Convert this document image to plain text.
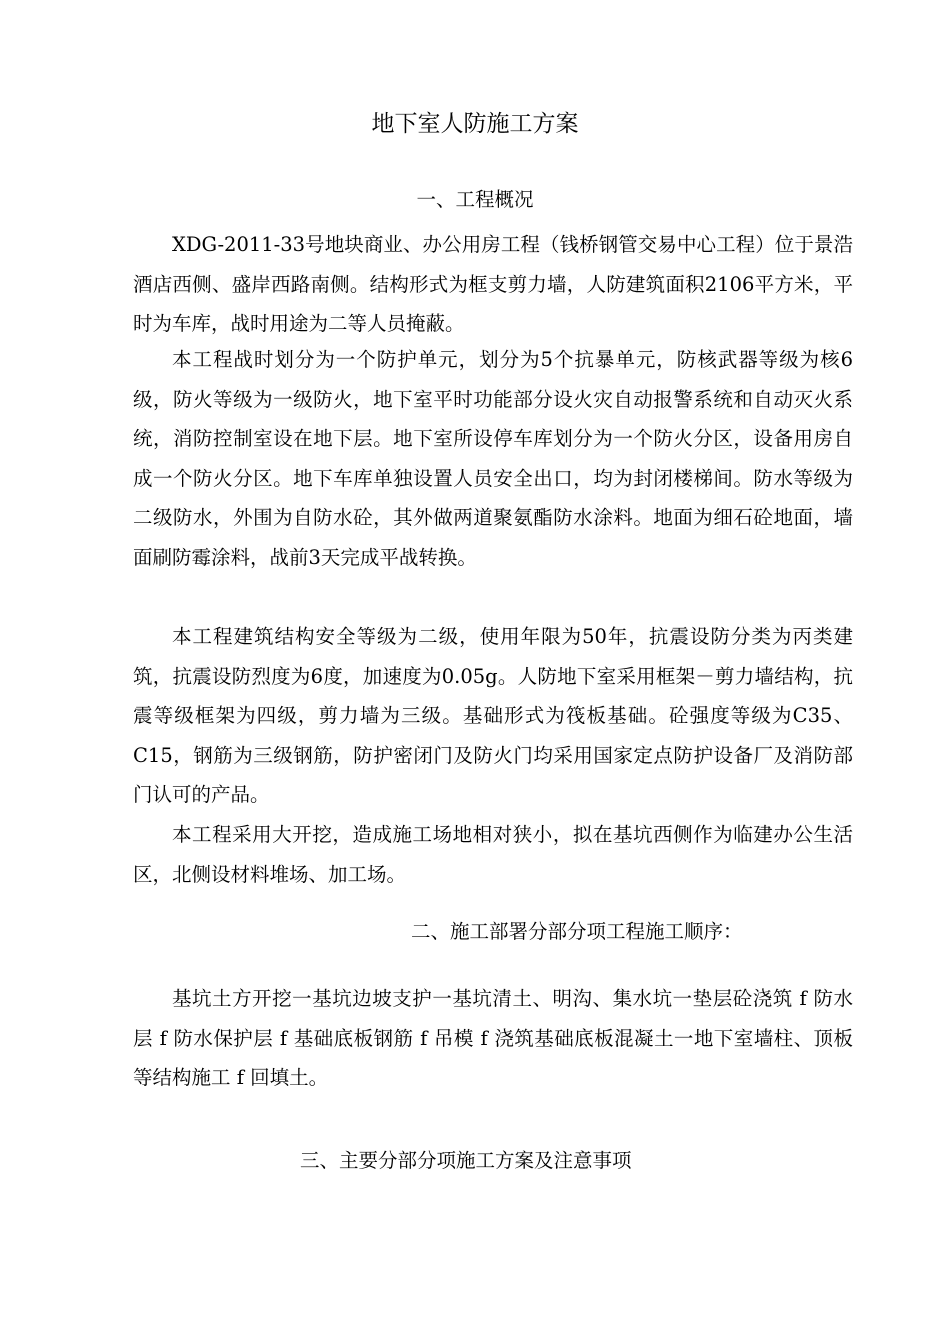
地下室人防施工方案
一、工程概况

XDG-2011-33号地块商业、办公用房工程（钱桥钢管交易中心工程）位于景浩酒店西侧、盛岸西路南侧。结构形式为框支剪力墙，人防建筑面积2106平方米，平时为车库，战时用途为二等人员掩蔽。

本工程战时划分为一个防护单元，划分为5个抗暴单元，防核武器等级为核6级，防火等级为一级防火，地下室平时功能部分设火灾自动报警系统和自动灭火系统，消防控制室设在地下层。地下室所设停车库划分为一个防火分区，设备用房自成一个防火分区。地下车库单独设置人员安全出口，均为封闭楼梯间。防水等级为二级防水，外围为自防水砼，其外做两道聚氨酯防水涂料。地面为细石砼地面，墙面刷防霉涂料，战前3天完成平战转换。

本工程建筑结构安全等级为二级，使用年限为50年，抗震设防分类为丙类建筑，抗震设防烈度为6度，加速度为0.05g。人防地下室采用框架－剪力墙结构，抗震等级框架为四级，剪力墙为三级。基础形式为筏板基础。砼强度等级为C35、C15，钢筋为三级钢筋，防护密闭门及防火门均采用国家定点防护设备厂及消防部门认可的产品。

本工程采用大开挖，造成施工场地相对狭小，拟在基坑西侧作为临建办公生活区，北侧设材料堆场、加工场。

二、施工部署分部分项工程施工顺序：

基坑土方开挖一基坑边坡支护一基坑清土、明沟、集水坑一垫层砼浇筑 f 防水层 f 防水保护层 f 基础底板钢筋 f 吊模 f 浇筑基础底板混凝土一地下室墙柱、顶板等结构施工 f 回填土。

三、主要分部分项施工方案及注意事项
